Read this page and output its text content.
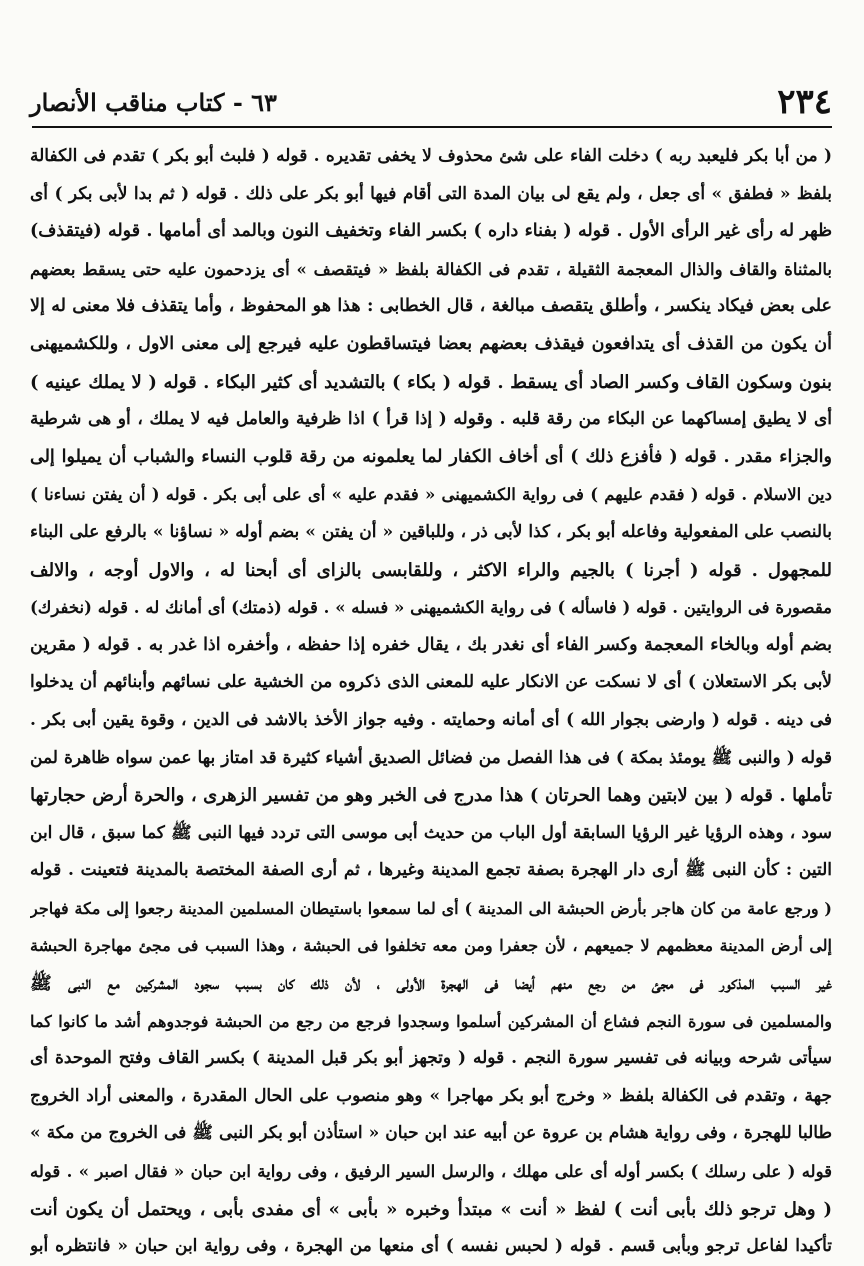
٢٣٤
٦٣ - كتاب مناقب الأنصار
( من أبا بكر فليعبد ربه ) دخلت الفاء على شئ محذوف لا يخفى تقديره . قوله ( فلبث أبو بكر ) تقدم فى الكفالة
بلفظ « فطفق » أى جعل ، ولم يقع لى بيان المدة التى أقام فيها أبو بكر على ذلك . قوله ( ثم بدا لأبى بكر ) أى
ظهر له رأى غير الرأى الأول . قوله ( بفناء داره ) بكسر الفاء وتخفيف النون وبالمد أى أمامها . قوله (فيتقذف)
بالمثناة والقاف والذال المعجمة الثقيلة ، تقدم فى الكفالة بلفظ « فيتقصف » أى يزدحمون عليه حتى يسقط بعضهم
على بعض فيكاد ينكسر ، وأطلق يتقصف مبالغة ، قال الخطابى : هذا هو المحفوظ ، وأما يتقذف فلا معنى له إلا
أن يكون من القذف أى يتدافعون فيقذف بعضهم بعضا فيتساقطون عليه فيرجع إلى معنى الاول ، وللكشميهنى
بنون وسكون القاف وكسر الصاد أى يسقط . قوله ( بكاء ) بالتشديد أى كثير البكاء . قوله ( لا يملك عينيه )
أى لا يطيق إمساكهما عن البكاء من رقة قلبه . وقوله ( إذا قرأ ) اذا ظرفية والعامل فيه لا يملك ، أو هى شرطية
والجزاء مقدر . قوله ( فأفزع ذلك ) أى أخاف الكفار لما يعلمونه من رقة قلوب النساء والشباب أن يميلوا إلى
دين الاسلام . قوله ( فقدم عليهم ) فى رواية الكشميهنى « فقدم عليه » أى على أبى بكر . قوله ( أن يفتن نساءنا )
بالنصب على المفعولية وفاعله أبو بكر ، كذا لأبى ذر ، وللباقين « أن يفتن » بضم أوله « نساؤنا » بالرفع على البناء
للمجهول . قوله ( أجرنا ) بالجيم والراء الاكثر ، وللقابسى بالزاى أى أبحنا له ، والاول أوجه ، والالف
مقصورة فى الروايتين . قوله ( فاسأله ) فى رواية الكشميهنى « فسله » . قوله (ذمتك) أى أمانك له . قوله (نخفرك)
بضم أوله وبالخاء المعجمة وكسر الفاء أى نغدر بك ، يقال خفره إذا حفظه ، وأخفره اذا غدر به . قوله ( مقرين
لأبى بكر الاستعلان ) أى لا نسكت عن الانكار عليه للمعنى الذى ذكروه من الخشية على نسائهم وأبنائهم أن يدخلوا
فى دينه . قوله ( وارضى بجوار الله ) أى أمانه وحمايته . وفيه جواز الأخذ بالاشد فى الدين ، وقوة يقين أبى بكر .
قوله ( والنبى ﷺ يومئذ بمكة ) فى هذا الفصل من فضائل الصديق أشياء كثيرة قد امتاز بها عمن سواه ظاهرة لمن
تأملها . قوله ( بين لابتين وهما الحرتان ) هذا مدرج فى الخبر وهو من تفسير الزهرى ، والحرة أرض حجارتها
سود ، وهذه الرؤيا غير الرؤيا السابقة أول الباب من حديث أبى موسى التى تردد فيها النبى ﷺ كما سبق ، قال ابن
التين : كأن النبى ﷺ أرى دار الهجرة بصفة تجمع المدينة وغيرها ، ثم أرى الصفة المختصة بالمدينة فتعينت . قوله
( ورجع عامة من كان هاجر بأرض الحبشة الى المدينة ) أى لما سمعوا باستيطان المسلمين المدينة رجعوا إلى مكة فهاجر
إلى أرض المدينة معظمهم لا جميعهم ، لأن جعفرا ومن معه تخلفوا فى الحبشة ، وهذا السبب فى مجئ مهاجرة الحبشة
غير السبب المذكور فى مجئ من رجع منهم أيضا فى الهجرة الأولى ، لأن ذلك كان بسبب سجود المشركين مع النبى ﷺ
والمسلمين فى سورة النجم فشاع أن المشركين أسلموا وسجدوا فرجع من رجع من الحبشة فوجدوهم أشد ما كانوا كما
سيأتى شرحه وبيانه فى تفسير سورة النجم . قوله ( وتجهز أبو بكر قبل المدينة ) بكسر القاف وفتح الموحدة أى
جهة ، وتقدم فى الكفالة بلفظ « وخرج أبو بكر مهاجرا » وهو منصوب على الحال المقدرة ، والمعنى أراد الخروج
طالبا للهجرة ، وفى رواية هشام بن عروة عن أبيه عند ابن حبان « استأذن أبو بكر النبى ﷺ فى الخروج من مكة »
قوله ( على رسلك ) بكسر أوله أى على مهلك ، والرسل السير الرفيق ، وفى رواية ابن حبان « فقال اصبر » . قوله
( وهل ترجو ذلك بأبى أنت ) لفظ « أنت » مبتدأ وخبره « بأبى » أى مفدى بأبى ، ويحتمل أن يكون أنت
تأكيدا لفاعل ترجو وبأبى قسم . قوله ( لحبس نفسه ) أى منعها من الهجرة ، وفى رواية ابن حبان « فانتظره أبو
